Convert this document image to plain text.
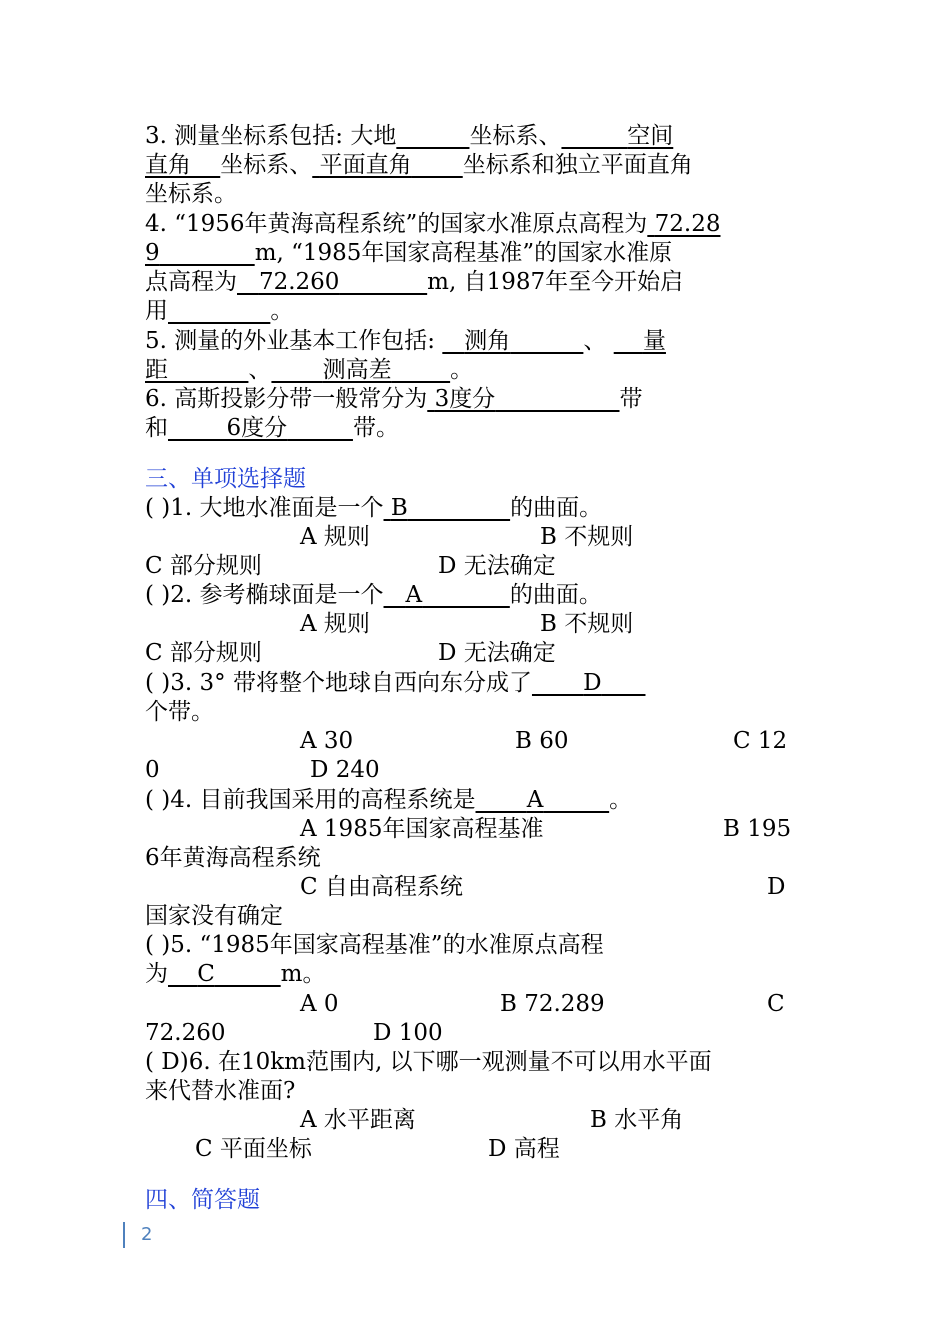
3. 测量坐标系包括: 大地	坐标系、	空间
直角 坐标系、 平面直角 坐标系和独立平面直角
坐标系。
4. “1956年黄海高程系统”的国家水准原点高程为 72.28
9	m, “1985年国家高程基准”的国家水准原
点高程为 72.260	m, 自1987年至今开始启
用	。
5. 测量的外业基本工作包括: 测角	、 量
距	、 测高差	。
6. 高斯投影分带一般常分为 3度分	带
和	6度分	带。
三、单项选择题
( )1. 大地水准面是一个 B	的曲面。
A 规则	B 不规则
C 部分规则	D 无法确定
( )2. 参考椭球面是一个 A	的曲面。
A 规则	B 不规则
C 部分规则	D 无法确定
( )3. 3° 带将整个地球自西向东分成了 D
个带。
A 30	B 60	C 12
0	D 240
( )4. 目前我国采用的高程系统是 A	。
A 1985年国家高程基准	B 195
6年黄海高程系统
C 自由高程系统	D
国家没有确定
( )5. “1985年国家高程基准”的水准原点高程
为 C	m。
A 0	B 72.289	C
72.260	D 100
( D)6. 在10km范围内, 以下哪一观测量不可以用水平面
来代替水准面?
A 水平距离	B 水平角
C 平面坐标	D 高程
四、简答题
2
